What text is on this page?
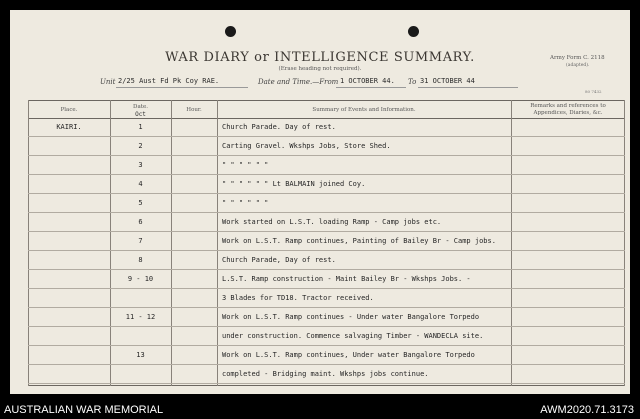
WAR DIARY or INTELLIGENCE SUMMARY.
(Erase heading not required).
Army Form C. 2118
(adapted).
Unit 2/25 Aust Fd Pk Coy RAE.	Date and Time.—From 1 OCTOBER 44. To 31 OCTOBER 44
80 7432
Place.	Date.
Oct
Hour.	Summary of Events and Information.
Remarks and references to Appendices, Diaries, &c.
KAIRI.	1	Church Parade. Day of rest.
2	Carting Gravel. Wkshps Jobs, Store Shed.
3	" " " " " "
4	" " " " " " Lt BALMAIN joined Coy.
5	" " " " " "
6	Work started on L.S.T. loading Ramp - Camp jobs etc.
7	Work on L.S.T. Ramp continues, Painting of Bailey Br - Camp jobs.
8	Church Parade, Day of rest.
9 - 10	L.S.T. Ramp construction - Maint Bailey Br - Wkshps Jobs. -
3 Blades for TD18. Tractor received.
11 - 12	Work on L.S.T. Ramp continues - Under water Bangalore Torpedo
under construction. Commence salvaging Timber - WANDECLA site.
13	Work on L.S.T. Ramp continues, Under water Bangalore Torpedo
completed - Bridging maint. Wkshps jobs continue.
AUSTRALIAN WAR MEMORIAL	AWM2020.71.3173
